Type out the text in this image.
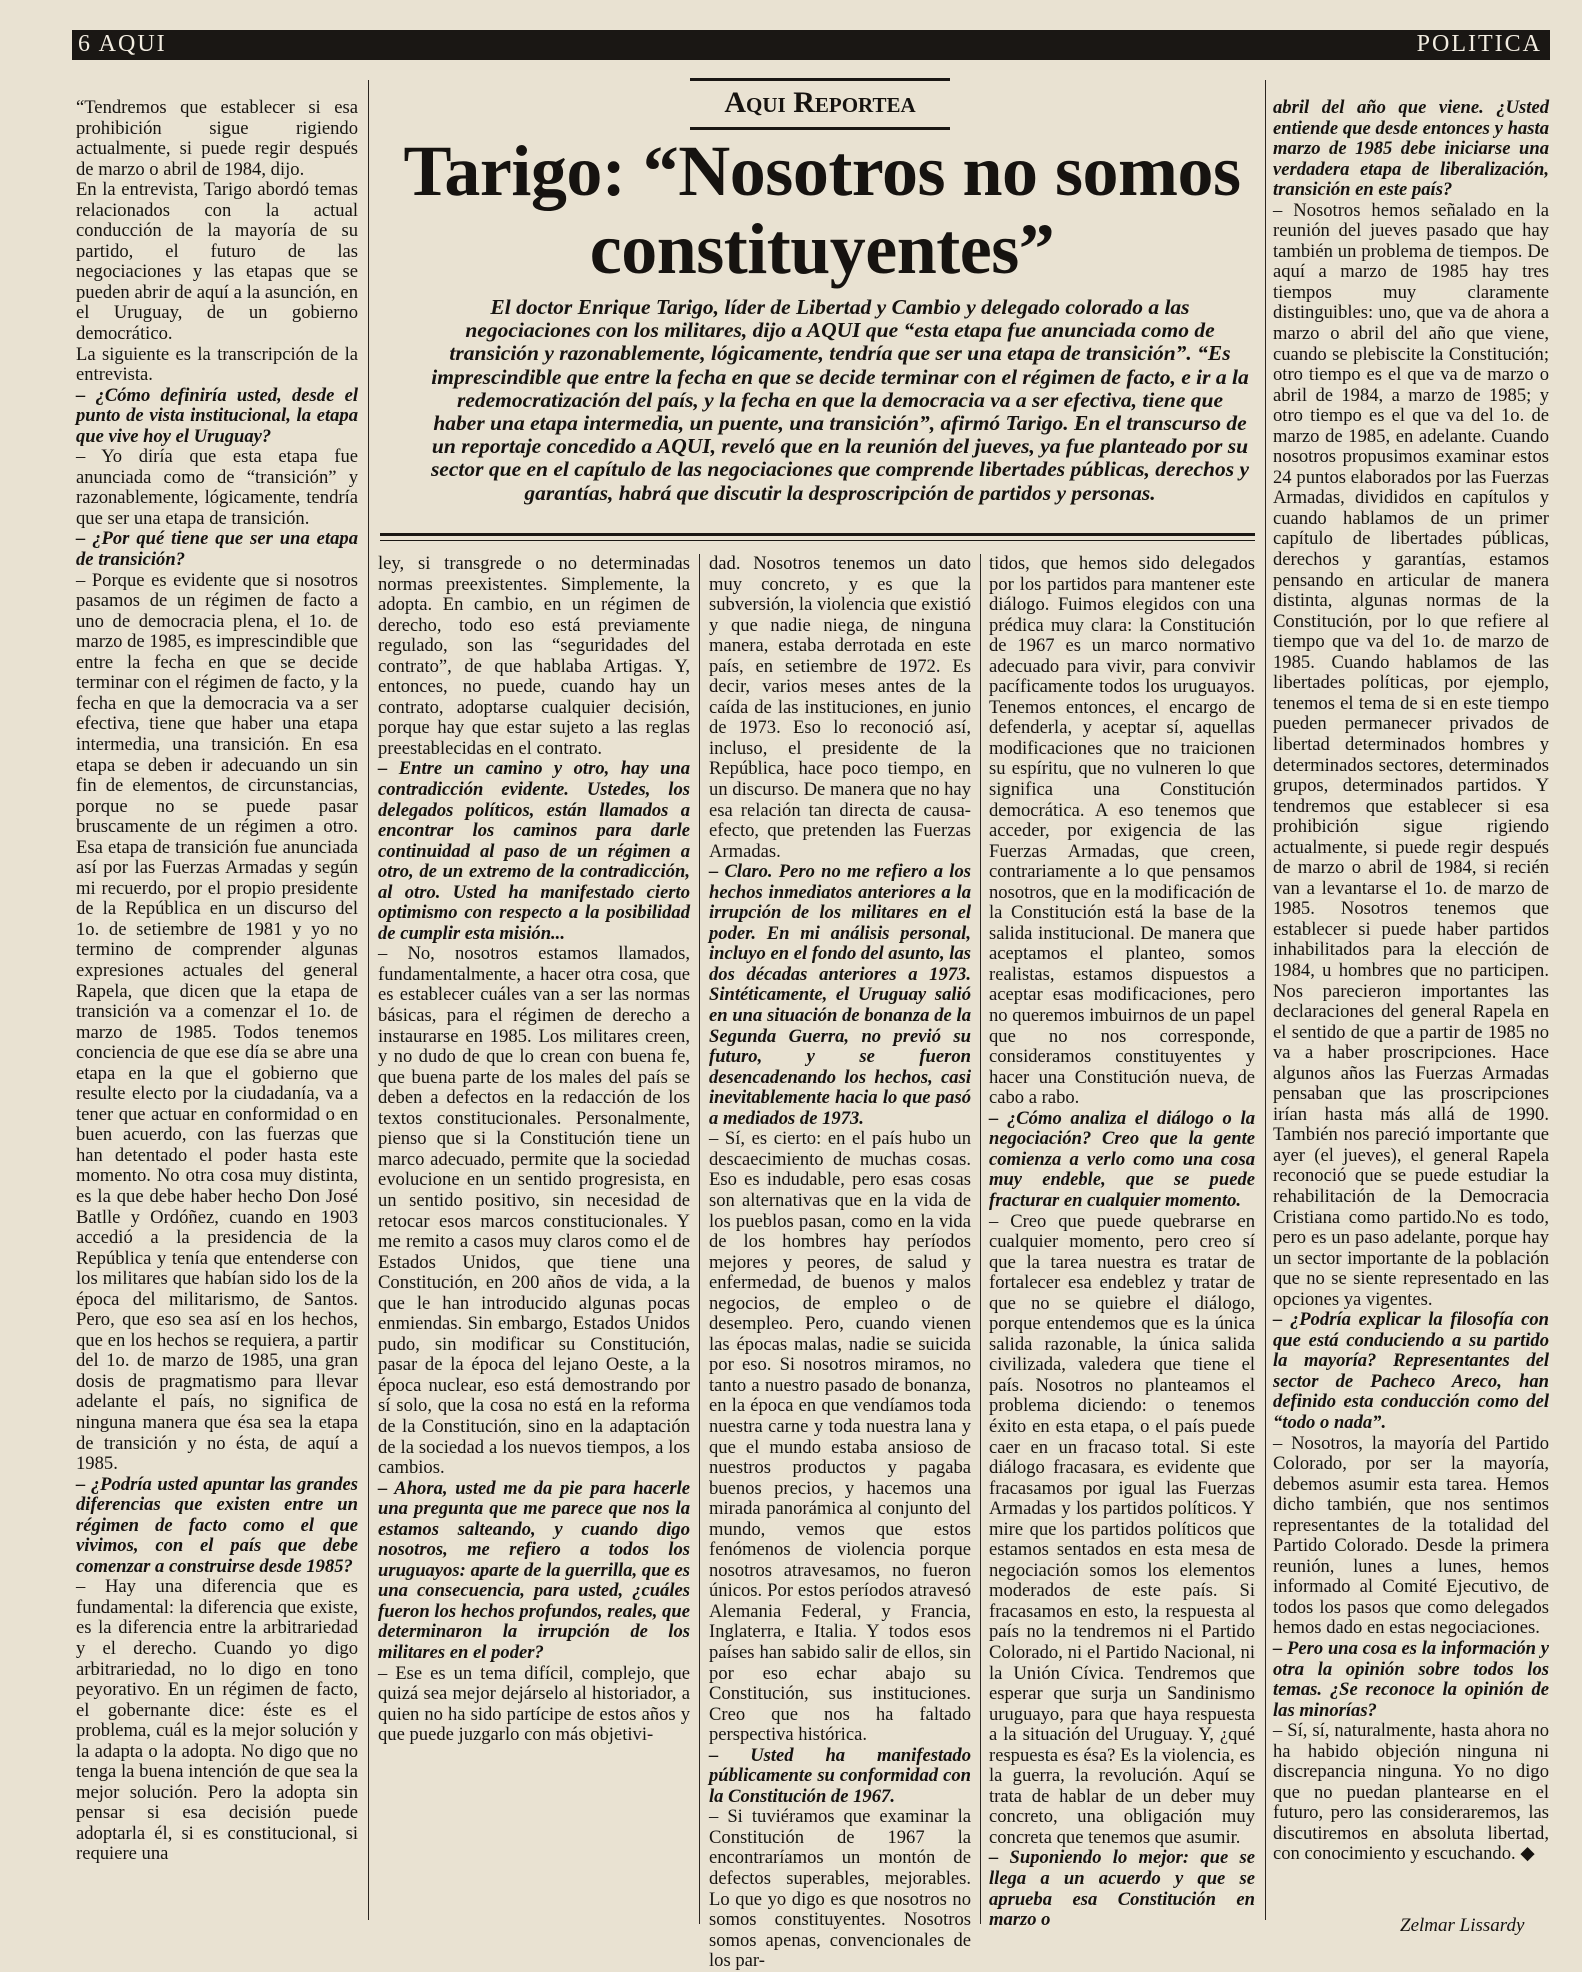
6 AQUI	POLITICA

“Tendremos que establecer si esa prohibición sigue rigiendo actualmente, si puede regir después de marzo o abril de 1984, dijo.

En la entrevista, Tarigo abordó temas relacionados con la actual conducción de la mayoría de su partido, el futuro de las negociaciones y las etapas que se pueden abrir de aquí a la asunción, en el Uruguay, de un gobierno democrático.

La siguiente es la transcripción de la entrevista.

– ¿Cómo definiría usted, desde el punto de vista institucional, la etapa que vive hoy el Uruguay?

– Yo diría que esta etapa fue anunciada como de “transición” y razonablemente, lógicamente, tendría que ser una etapa de transición.

– ¿Por qué tiene que ser una etapa de transición?

– Porque es evidente que si nosotros pasamos de un régimen de facto a uno de democracia plena, el 1o. de marzo de 1985, es imprescindible que entre la fecha en que se decide terminar con el régimen de facto, y la fecha en que la democracia va a ser efectiva, tiene que haber una etapa intermedia, una transición. En esa etapa se deben ir adecuando un sin fin de elementos, de circunstancias, porque no se puede pasar bruscamente de un régimen a otro. Esa etapa de transición fue anunciada así por las Fuerzas Armadas y según mi recuerdo, por el propio presidente de la República en un discurso del 1o. de setiembre de 1981 y yo no termino de comprender algunas expresiones actuales del general Rapela, que dicen que la etapa de transición va a comenzar el 1o. de marzo de 1985. Todos tenemos conciencia de que ese día se abre una etapa en la que el gobierno que resulte electo por la ciudadanía, va a tener que actuar en conformidad o en buen acuerdo, con las fuerzas que han detentado el poder hasta este momento. No otra cosa muy distinta, es la que debe haber hecho Don José Batlle y Ordóñez, cuando en 1903 accedió a la presidencia de la República y tenía que entenderse con los militares que habían sido los de la época del militarismo, de Santos. Pero, que eso sea así en los hechos, que en los hechos se requiera, a partir del 1o. de marzo de 1985, una gran dosis de pragmatismo para llevar adelante el país, no significa de ninguna manera que ésa sea la etapa de transición y no ésta, de aquí a 1985.

– ¿Podría usted apuntar las grandes diferencias que existen entre un régimen de facto como el que vivimos, con el país que debe comenzar a construirse desde 1985?

– Hay una diferencia que es fundamental: la diferencia que existe, es la diferencia entre la arbitrariedad y el derecho. Cuando yo digo arbitrariedad, no lo digo en tono peyorativo. En un régimen de facto, el gobernante dice: éste es el problema, cuál es la mejor solución y la adapta o la adopta. No digo que no tenga la buena intención de que sea la mejor solución. Pero la adopta sin pensar si esa decisión puede adoptarla él, si es constitucional, si requiere una

Aqui Reportea
Tarigo: “Nosotros no somos constituyentes”
El doctor Enrique Tarigo, líder de Libertad y Cambio y delegado colorado a las negociaciones con los militares, dijo a AQUI que “esta etapa fue anunciada como de transición y razonablemente, lógicamente, tendría que ser una etapa de transición”. “Es imprescindible que entre la fecha en que se decide terminar con el régimen de facto, e ir a la redemocratización del país, y la fecha en que la democracia va a ser efectiva, tiene que haber una etapa intermedia, un puente, una transición”, afirmó Tarigo. En el transcurso de un reportaje concedido a AQUI, reveló que en la reunión del jueves, ya fue planteado por su sector que en el capítulo de las negociaciones que comprende libertades públicas, derechos y garantías, habrá que discutir la desproscripción de partidos y personas.

ley, si transgrede o no determinadas normas preexistentes. Simplemente, la adopta. En cambio, en un régimen de derecho, todo eso está previamente regulado, son las “seguridades del contrato”, de que hablaba Artigas. Y, entonces, no puede, cuando hay un contrato, adoptarse cualquier decisión, porque hay que estar sujeto a las reglas preestablecidas en el contrato.

– Entre un camino y otro, hay una contradicción evidente. Ustedes, los delegados políticos, están llamados a encontrar los caminos para darle continuidad al paso de un régimen a otro, de un extremo de la contradicción, al otro. Usted ha manifestado cierto optimismo con respecto a la posibilidad de cumplir esta misión...

– No, nosotros estamos llamados, fundamentalmente, a hacer otra cosa, que es establecer cuáles van a ser las normas básicas, para el régimen de derecho a instaurarse en 1985. Los militares creen, y no dudo de que lo crean con buena fe, que buena parte de los males del país se deben a defectos en la redacción de los textos constitucionales. Personalmente, pienso que si la Constitución tiene un marco adecuado, permite que la sociedad evolucione en un sentido progresista, en un sentido positivo, sin necesidad de retocar esos marcos constitucionales. Y me remito a casos muy claros como el de Estados Unidos, que tiene una Constitución, en 200 años de vida, a la que le han introducido algunas pocas enmiendas. Sin embargo, Estados Unidos pudo, sin modificar su Constitución, pasar de la época del lejano Oeste, a la época nuclear, eso está demostrando por sí solo, que la cosa no está en la reforma de la Constitución, sino en la adaptación de la sociedad a los nuevos tiempos, a los cambios.

– Ahora, usted me da pie para hacerle una pregunta que me parece que nos la estamos salteando, y cuando digo nosotros, me refiero a todos los uruguayos: aparte de la guerrilla, que es una consecuencia, para usted, ¿cuáles fueron los hechos profundos, reales, que determinaron la irrupción de los militares en el poder?

– Ese es un tema difícil, complejo, que quizá sea mejor dejárselo al historiador, a quien no ha sido partícipe de estos años y que puede juzgarlo con más objetivi-

dad. Nosotros tenemos un dato muy concreto, y es que la subversión, la violencia que existió y que nadie niega, de ninguna manera, estaba derrotada en este país, en setiembre de 1972. Es decir, varios meses antes de la caída de las instituciones, en junio de 1973. Eso lo reconoció así, incluso, el presidente de la República, hace poco tiempo, en un discurso. De manera que no hay esa relación tan directa de causa-efecto, que pretenden las Fuerzas Armadas.

– Claro. Pero no me refiero a los hechos inmediatos anteriores a la irrupción de los militares en el poder. En mi análisis personal, incluyo en el fondo del asunto, las dos décadas anteriores a 1973. Sintéticamente, el Uruguay salió en una situación de bonanza de la Segunda Guerra, no previó su futuro, y se fueron desencadenando los hechos, casi inevitablemente hacia lo que pasó a mediados de 1973.

– Sí, es cierto: en el país hubo un descaecimiento de muchas cosas. Eso es indudable, pero esas cosas son alternativas que en la vida de los pueblos pasan, como en la vida de los hombres hay períodos mejores y peores, de salud y enfermedad, de buenos y malos negocios, de empleo o de desempleo. Pero, cuando vienen las épocas malas, nadie se suicida por eso. Si nosotros miramos, no tanto a nuestro pasado de bonanza, en la época en que vendíamos toda nuestra carne y toda nuestra lana y que el mundo estaba ansioso de nuestros productos y pagaba buenos precios, y hacemos una mirada panorámica al conjunto del mundo, vemos que estos fenómenos de violencia porque nosotros atravesamos, no fueron únicos. Por estos períodos atravesó Alemania Federal, y Francia, Inglaterra, e Italia. Y todos esos países han sabido salir de ellos, sin por eso echar abajo su Constitución, sus instituciones. Creo que nos ha faltado perspectiva histórica.

– Usted ha manifestado públicamente su conformidad con la Constitución de 1967.

– Si tuviéramos que examinar la Constitución de 1967 la encontraríamos un montón de defectos superables, mejorables. Lo que yo digo es que nosotros no somos constituyentes. Nosotros somos apenas, convencionales de los par-

tidos, que hemos sido delegados por los partidos para mantener este diálogo. Fuimos elegidos con una prédica muy clara: la Constitución de 1967 es un marco normativo adecuado para vivir, para convivir pacíficamente todos los uruguayos. Tenemos entonces, el encargo de defenderla, y aceptar sí, aquellas modificaciones que no traicionen su espíritu, que no vulneren lo que significa una Constitución democrática. A eso tenemos que acceder, por exigencia de las Fuerzas Armadas, que creen, contrariamente a lo que pensamos nosotros, que en la modificación de la Constitución está la base de la salida institucional. De manera que aceptamos el planteo, somos realistas, estamos dispuestos a aceptar esas modificaciones, pero no queremos imbuirnos de un papel que no nos corresponde, consideramos constituyentes y hacer una Constitución nueva, de cabo a rabo.

– ¿Cómo analiza el diálogo o la negociación? Creo que la gente comienza a verlo como una cosa muy endeble, que se puede fracturar en cualquier momento.

– Creo que puede quebrarse en cualquier momento, pero creo sí que la tarea nuestra es tratar de fortalecer esa endeblez y tratar de que no se quiebre el diálogo, porque entendemos que es la única salida razonable, la única salida civilizada, valedera que tiene el país. Nosotros no planteamos el problema diciendo: o tenemos éxito en esta etapa, o el país puede caer en un fracaso total. Si este diálogo fracasara, es evidente que fracasamos por igual las Fuerzas Armadas y los partidos políticos. Y mire que los partidos políticos que estamos sentados en esta mesa de negociación somos los elementos moderados de este país. Si fracasamos en esto, la respuesta al país no la tendremos ni el Partido Colorado, ni el Partido Nacional, ni la Unión Cívica. Tendremos que esperar que surja un Sandinismo uruguayo, para que haya respuesta a la situación del Uruguay. Y, ¿qué respuesta es ésa? Es la violencia, es la guerra, la revolución. Aquí se trata de hablar de un deber muy concreto, una obligación muy concreta que tenemos que asumir.

– Suponiendo lo mejor: que se llega a un acuerdo y que se aprueba esa Constitución en marzo o

abril del año que viene. ¿Usted entiende que desde entonces y hasta marzo de 1985 debe iniciarse una verdadera etapa de liberalización, transición en este país?

– Nosotros hemos señalado en la reunión del jueves pasado que hay también un problema de tiempos. De aquí a marzo de 1985 hay tres tiempos muy claramente distinguibles: uno, que va de ahora a marzo o abril del año que viene, cuando se plebiscite la Constitución; otro tiempo es el que va de marzo o abril de 1984, a marzo de 1985; y otro tiempo es el que va del 1o. de marzo de 1985, en adelante. Cuando nosotros propusimos examinar estos 24 puntos elaborados por las Fuerzas Armadas, divididos en capítulos y cuando hablamos de un primer capítulo de libertades públicas, derechos y garantías, estamos pensando en articular de manera distinta, algunas normas de la Constitución, por lo que refiere al tiempo que va del 1o. de marzo de 1985. Cuando hablamos de las libertades políticas, por ejemplo, tenemos el tema de si en este tiempo pueden permanecer privados de libertad determinados hombres y determinados sectores, determinados grupos, determinados partidos. Y tendremos que establecer si esa prohibición sigue rigiendo actualmente, si puede regir después de marzo o abril de 1984, si recién van a levantarse el 1o. de marzo de 1985. Nosotros tenemos que establecer si puede haber partidos inhabilitados para la elección de 1984, u hombres que no participen. Nos parecieron importantes las declaraciones del general Rapela en el sentido de que a partir de 1985 no va a haber proscripciones. Hace algunos años las Fuerzas Armadas pensaban que las proscripciones irían hasta más allá de 1990. También nos pareció importante que ayer (el jueves), el general Rapela reconoció que se puede estudiar la rehabilitación de la Democracia Cristiana como partido.No es todo, pero es un paso adelante, porque hay un sector importante de la población que no se siente representado en las opciones ya vigentes.

– ¿Podría explicar la filosofía con que está conduciendo a su partido la mayoría? Representantes del sector de Pacheco Areco, han definido esta conducción como del “todo o nada”.

– Nosotros, la mayoría del Partido Colorado, por ser la mayoría, debemos asumir esta tarea. Hemos dicho también, que nos sentimos representantes de la totalidad del Partido Colorado. Desde la primera reunión, lunes a lunes, hemos informado al Comité Ejecutivo, de todos los pasos que como delegados hemos dado en estas negociaciones.

– Pero una cosa es la información y otra la opinión sobre todos los temas. ¿Se reconoce la opinión de las minorías?

– Sí, sí, naturalmente, hasta ahora no ha habido objeción ninguna ni discrepancia ninguna. Yo no digo que no puedan plantearse en el futuro, pero las consideraremos, las discutiremos en absoluta libertad, con conocimiento y escuchando. ◆

Zelmar Lissardy
